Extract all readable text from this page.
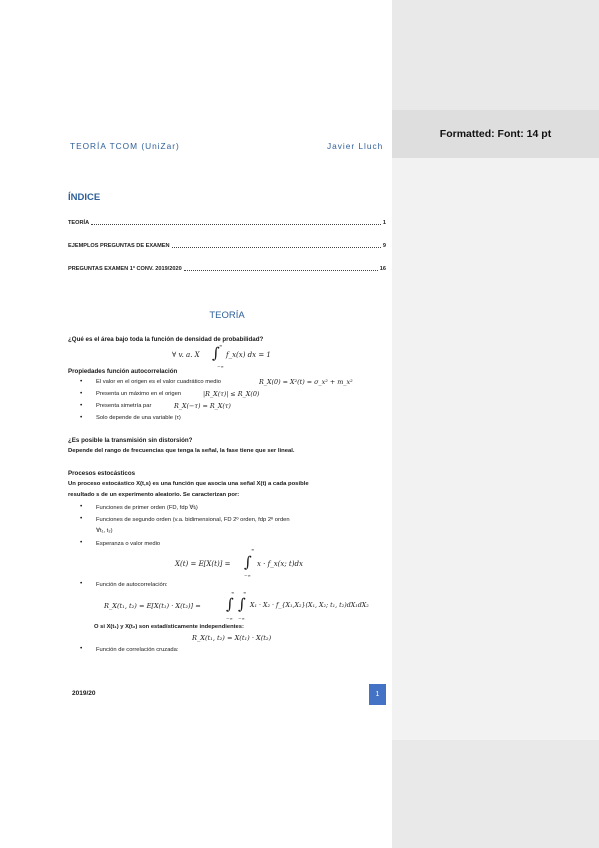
TEORÍA TCOM (UniZar)	Javier Lluch
ÍNDICE
TEORÍA	1
EJEMPLOS PREGUNTAS DE EXAMEN	9
PREGUNTAS EXAMEN 1ª CONV. 2019/2020	16
TEORÍA
¿Qué es el área bajo toda la función de densidad de probabilidad?
∀ v. a. X ∫ ∞
−∞
f_x(x) dx = 1
Propiedades función autocorrelación
• El valor en el origen es el valor cuadrático medio	R_X(0) = X²(t) = σ_x² + m_x²
• Presenta un máximo en el origen	|R_X(τ)| ≤ R_X(0)
• Presenta simetría par	R_X(−τ) = R_X(τ)
• Solo depende de una variable (τ)
¿Es posible la transmisión sin distorsión?
Depende del rango de frecuencias que tenga la señal, la fase tiene que ser lineal.
Procesos estocásticos
Un proceso estocástico X(t,s) es una función que asocia una señal X(t) a cada posible
resultado s de un experimento aleatorio. Se caracterizan por:
• Funciones de primer orden (FD, fdp ∀tᵢ)
• Funciones de segundo orden (v.a. bidimensional, FD 2º orden, fdp 2º orden
∀t₁, t₂)
• Esperanza o valor medio
X(t) = E[X(t)] = ∫
∞
−∞
x · f_x(x; t)dx
• Función de autocorrelación:
R_X(t₁, t₂) = E[X(t₁) · X(t₂)] = ∫ ∫
∞ ∞
−∞ −∞
X₁ · X₂ · f_{X₁,X₂}(X₁, X₂; t₁, t₂)dX₁dX₂
O si X(t₁) y X(t₂) son estadísticamente independientes:
R_X(t₁, t₂) = X(t₁) · X(t₂)
• Función de correlación cruzada:
2019/20	1
Formatted: Font: 14 pt
